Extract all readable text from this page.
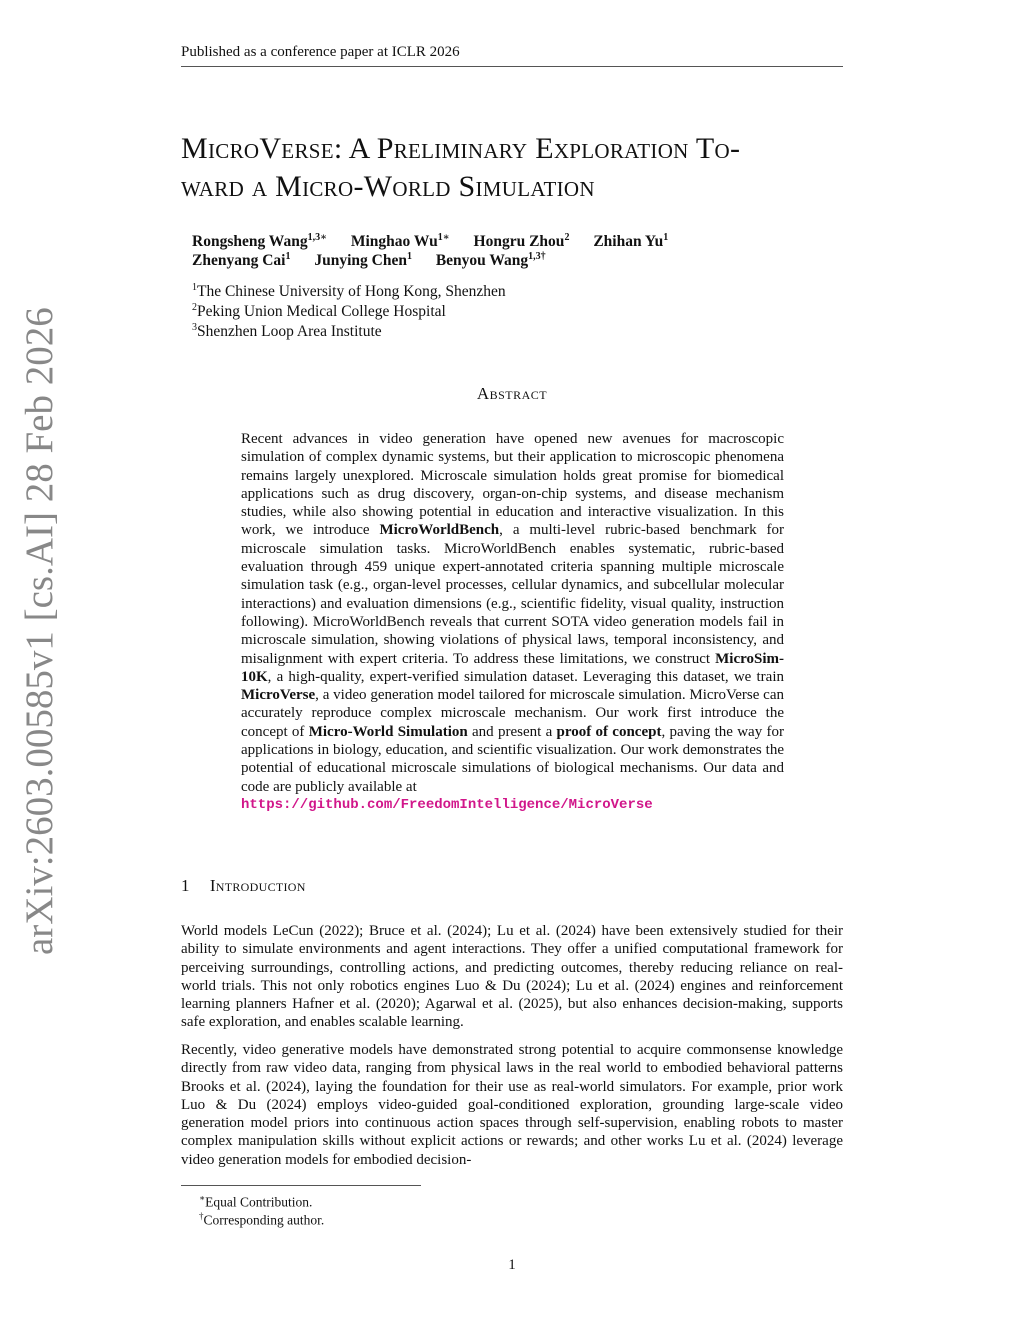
Published as a conference paper at ICLR 2026
MicroVerse: A Preliminary Exploration To-
ward a Micro-World Simulation
Rongsheng Wang$^{1,3∗}$ Minghao $Wu^{1∗}$ Hongru Zhou$^2$ Zhihan Yu$^1$
Zhenyang Cai$^1$ Junying Chen$^1$ Benyou Wang$^{1,3\dagger}$
$^1$The Chinese University of Hong Kong, Shenzhen
$^2$Peking Union Medical College Hospital
$^3$Shenzhen Loop Area Institute
Abstract
Recent advances in video generation have opened new avenues for macroscopic simulation of complex dynamic systems, but their application to microscopic phenomena remains largely unexplored. Microscale simulation holds great promise for biomedical applications such as drug discovery, organ-on-chip systems, and disease mechanism studies, while also showing potential in education and interactive visualization. In this work, we introduce MicroWorldBench, a multi-level rubric-based benchmark for microscale simulation tasks. MicroWorldBench enables systematic, rubric-based evaluation through 459 unique expert-annotated criteria spanning multiple microscale simulation task (e.g., organ-level processes, cellular dynamics, and subcellular molecular interactions) and evaluation dimensions (e.g., scientific fidelity, visual quality, instruction following). MicroWorldBench reveals that current SOTA video generation models fail in microscale simulation, showing violations of physical laws, temporal inconsistency, and misalignment with expert criteria. To address these limitations, we construct MicroSim-10K, a high-quality, expert-verified simulation dataset. Leveraging this dataset, we train MicroVerse, a video generation model tailored for microscale simulation. MicroVerse can accurately reproduce complex microscale mechanism. Our work first introduce the concept of Micro-World Simulation and present a proof of concept, paving the way for applications in biology, education, and scientific visualization. Our work demonstrates the potential of educational microscale simulations of biological mechanisms. Our data and code are publicly available at
https://github.com/FreedomIntelligence/MicroVerse
1 Introduction
World models LeCun (2022); Bruce et al. (2024); Lu et al. (2024) have been extensively studied for their ability to simulate environments and agent interactions. They offer a unified computational framework for perceiving surroundings, controlling actions, and predicting outcomes, thereby reducing reliance on real-world trials. This not only robotics engines Luo & Du (2024); Lu et al. (2024) engines and reinforcement learning planners Hafner et al. (2020); Agarwal et al. (2025), but also enhances decision-making, supports safe exploration, and enables scalable learning.
Recently, video generative models have demonstrated strong potential to acquire commonsense knowledge directly from raw video data, ranging from physical laws in the real world to embodied behavioral patterns Brooks et al. (2024), laying the foundation for their use as real-world simulators. For example, prior work Luo & Du (2024) employs video-guided goal-conditioned exploration, grounding large-scale video generation model priors into continuous action spaces through self-supervision, enabling robots to master complex manipulation skills without explicit actions or rewards; and other works Lu et al. (2024) leverage video generation models for embodied decision-
∗Equal Contribution.
†Corresponding author.
1
arXiv:2603.00585v1 [cs.AI] 28 Feb 2026
